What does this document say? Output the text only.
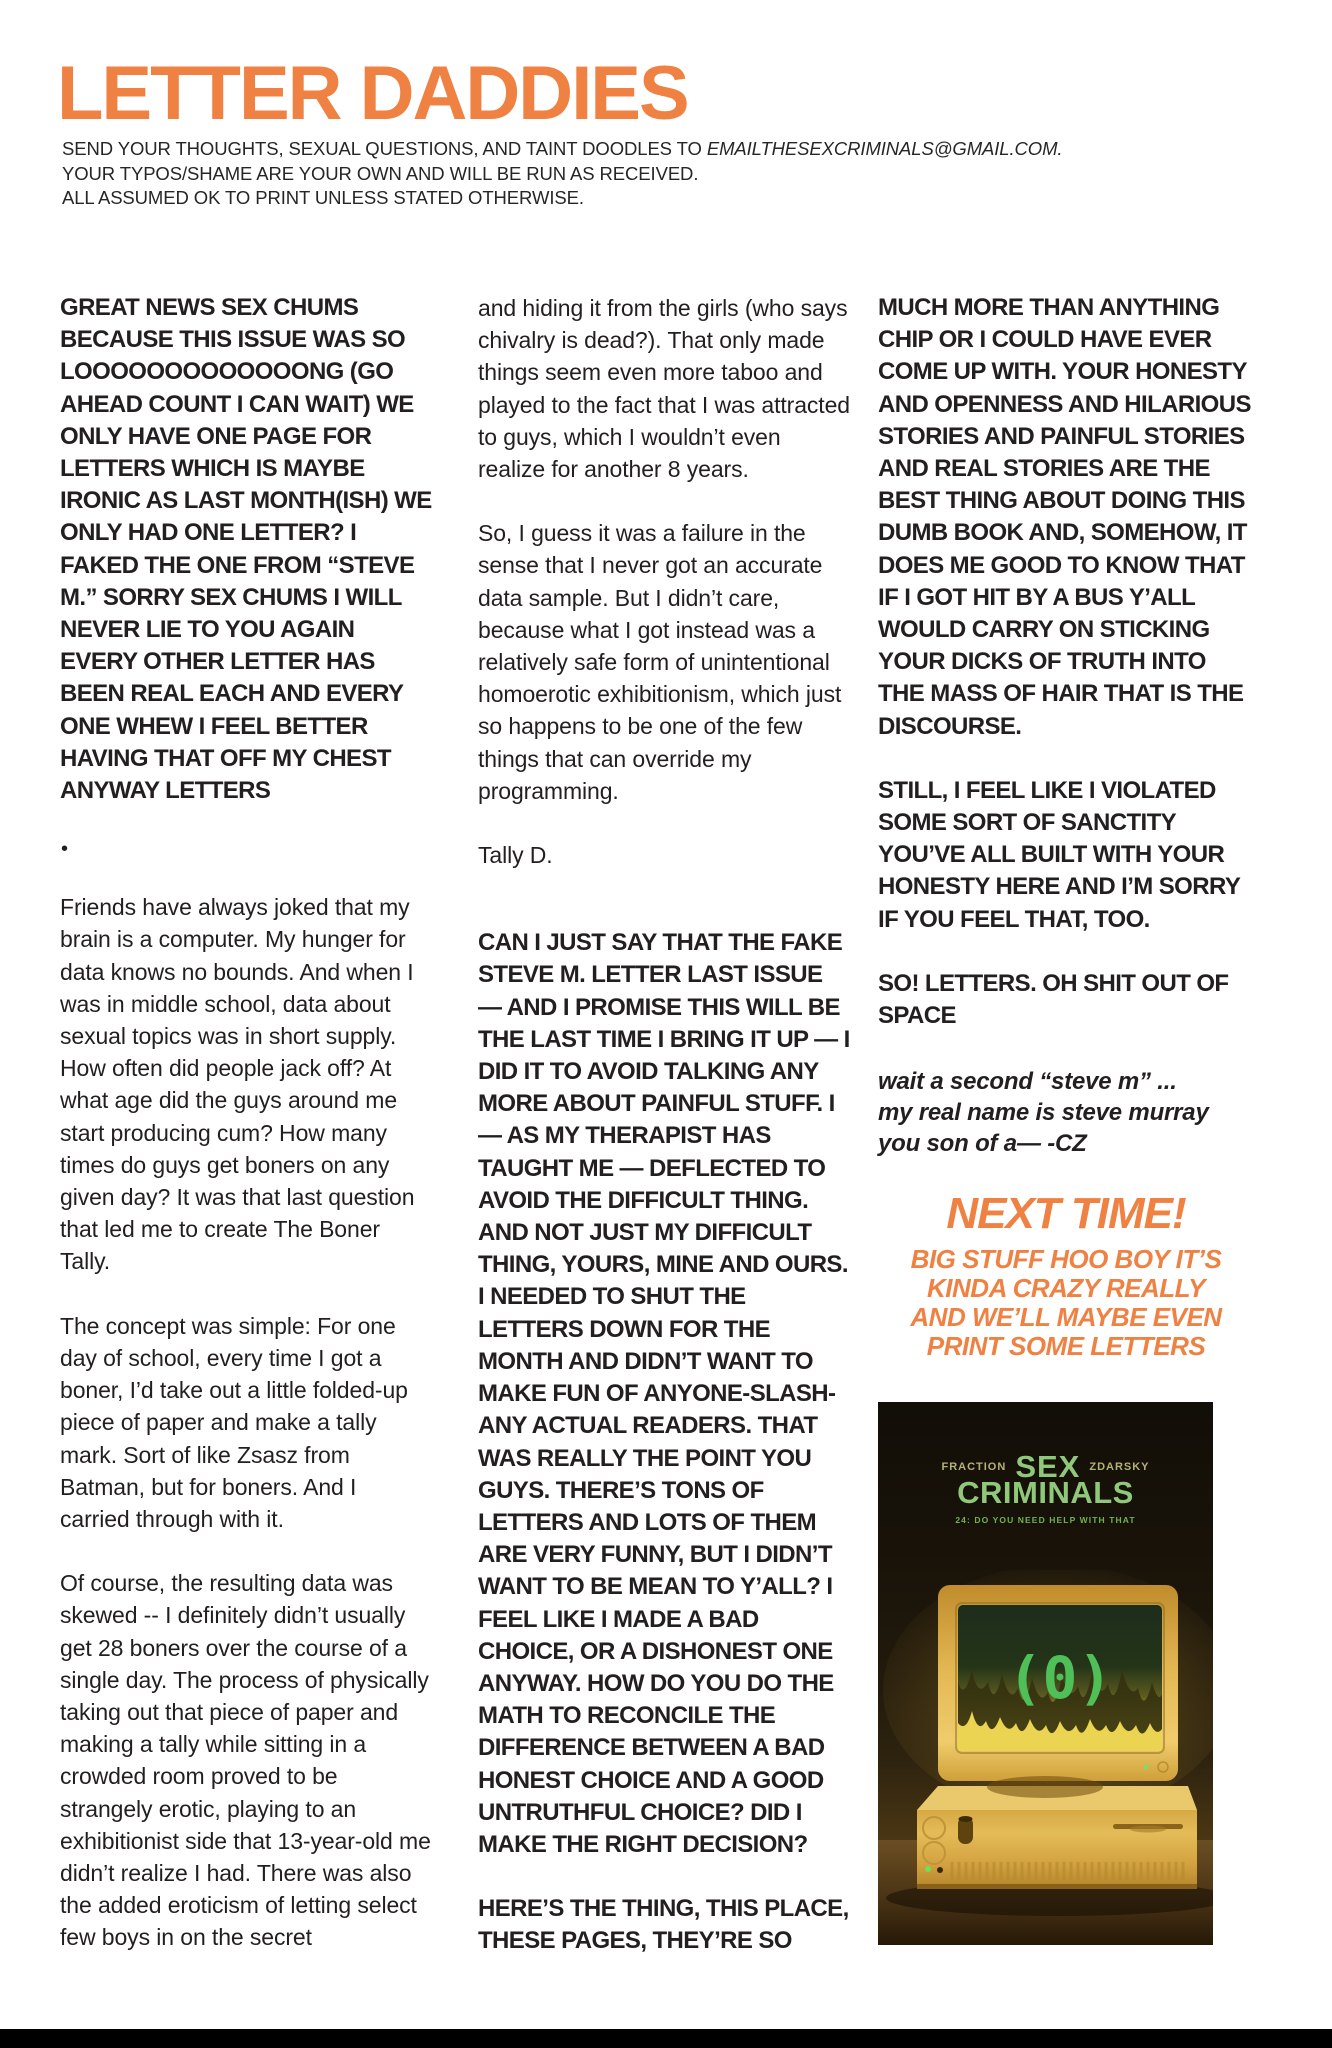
LETTER DADDIES
SEND YOUR THOUGHTS, SEXUAL QUESTIONS, AND TAINT DOODLES TO EMAILTHESEXCRIMINALS@GMAIL.COM.
YOUR TYPOS/SHAME ARE YOUR OWN AND WILL BE RUN AS RECEIVED.
ALL ASSUMED OK TO PRINT UNLESS STATED OTHERWISE.

GREAT NEWS SEX CHUMS BECAUSE THIS ISSUE WAS SO LOOOOOOOOOOOOONG (GO AHEAD COUNT I CAN WAIT) WE ONLY HAVE ONE PAGE FOR LETTERS WHICH IS MAYBE IRONIC AS LAST MONTH(ISH) WE ONLY HAD ONE LETTER? I FAKED THE ONE FROM “STEVE M.” SORRY SEX CHUMS I WILL NEVER LIE TO YOU AGAIN EVERY OTHER LETTER HAS BEEN REAL EACH AND EVERY ONE WHEW I FEEL BETTER HAVING THAT OFF MY CHEST ANYWAY LETTERS

•

Friends have always joked that my brain is a computer. My hunger for data knows no bounds. And when I was in middle school, data about sexual topics was in short supply. How often did people jack off? At what age did the guys around me start producing cum? How many times do guys get boners on any given day? It was that last question that led me to create The Boner Tally.

The concept was simple: For one day of school, every time I got a boner, I’d take out a little folded-up piece of paper and make a tally mark. Sort of like Zsasz from Batman, but for boners. And I carried through with it.

Of course, the resulting data was skewed -- I definitely didn’t usually get 28 boners over the course of a single day. The process of physically taking out that piece of paper and making a tally while sitting in a crowded room proved to be strangely erotic, playing to an exhibitionist side that 13-year-old me didn’t realize I had. There was also the added eroticism of letting select few boys in on the secret

and hiding it from the girls (who says chivalry is dead?). That only made things seem even more taboo and played to the fact that I was attracted to guys, which I wouldn’t even realize for another 8 years.

So, I guess it was a failure in the sense that I never got an accurate data sample. But I didn’t care, because what I got instead was a relatively safe form of unintentional homoerotic exhibitionism, which just so happens to be one of the few things that can override my programming.

Tally D.

CAN I JUST SAY THAT THE FAKE STEVE M. LETTER LAST ISSUE — AND I PROMISE THIS WILL BE THE LAST TIME I BRING IT UP — I DID IT TO AVOID TALKING ANY MORE ABOUT PAINFUL STUFF. I — AS MY THERAPIST HAS TAUGHT ME — DEFLECTED TO AVOID THE DIFFICULT THING. AND NOT JUST MY DIFFICULT THING, YOURS, MINE AND OURS. I NEEDED TO SHUT THE LETTERS DOWN FOR THE MONTH AND DIDN’T WANT TO MAKE FUN OF ANYONE-SLASH-ANY ACTUAL READERS. THAT WAS REALLY THE POINT YOU GUYS. THERE’S TONS OF LETTERS AND LOTS OF THEM ARE VERY FUNNY, BUT I DIDN’T WANT TO BE MEAN TO Y’ALL? I FEEL LIKE I MADE A BAD CHOICE, OR A DISHONEST ONE ANYWAY. HOW DO YOU DO THE MATH TO RECONCILE THE DIFFERENCE BETWEEN A BAD HONEST CHOICE AND A GOOD UNTRUTHFUL CHOICE? DID I MAKE THE RIGHT DECISION?

HERE’S THE THING, THIS PLACE, THESE PAGES, THEY’RE SO

MUCH MORE THAN ANYTHING CHIP OR I COULD HAVE EVER COME UP WITH. YOUR HONESTY AND OPENNESS AND HILARIOUS STORIES AND PAINFUL STORIES AND REAL STORIES ARE THE BEST THING ABOUT DOING THIS DUMB BOOK AND, SOMEHOW, IT DOES ME GOOD TO KNOW THAT IF I GOT HIT BY A BUS Y’ALL WOULD CARRY ON STICKING YOUR DICKS OF TRUTH INTO THE MASS OF HAIR THAT IS THE DISCOURSE.

STILL, I FEEL LIKE I VIOLATED SOME SORT OF SANCTITY YOU’VE ALL BUILT WITH YOUR HONESTY HERE AND I’M SORRY IF YOU FEEL THAT, TOO.

SO! LETTERS. OH SHIT OUT OF SPACE

wait a second “steve m” ...
my real name is steve murray
you son of a— -CZ
NEXT TIME!
BIG STUFF HOO BOY IT’S
KINDA CRAZY REALLY
AND WE’LL MAYBE EVEN
PRINT SOME LETTERS
FRACTION SEX ZDARSKY
CRIMINALS
24: DO YOU NEED HELP WITH THAT
(0)
